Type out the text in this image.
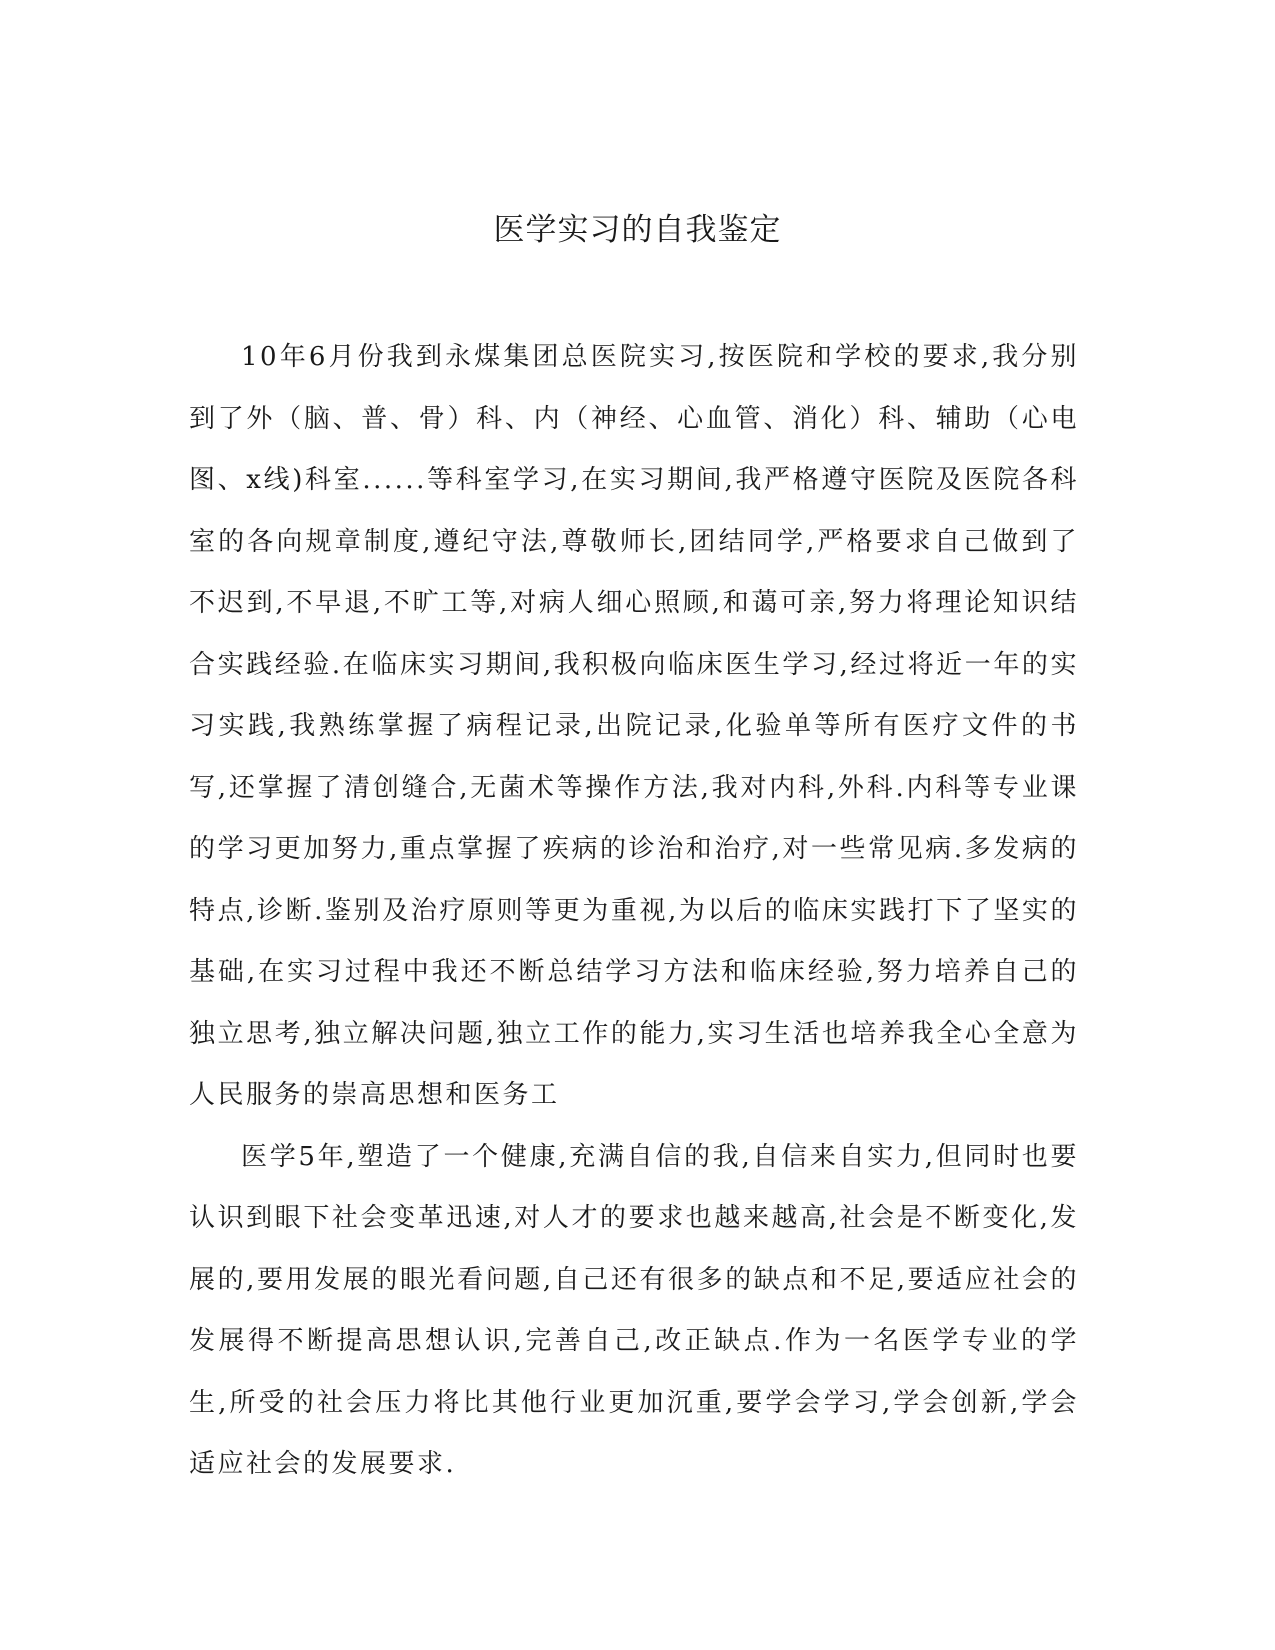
医学实习的自我鉴定

10年6月份我到永煤集团总医院实习,按医院和学校的要求,我分别到了外（脑、普、骨）科、内（神经、心血管、消化）科、辅助（心电图、x线)科室......等科室学习,在实习期间,我严格遵守医院及医院各科室的各向规章制度,遵纪守法,尊敬师长,团结同学,严格要求自己做到了不迟到,不早退,不旷工等,对病人细心照顾,和蔼可亲,努力将理论知识结合实践经验.在临床实习期间,我积极向临床医生学习,经过将近一年的实习实践,我熟练掌握了病程记录,出院记录,化验单等所有医疗文件的书写,还掌握了清创缝合,无菌术等操作方法,我对内科,外科.内科等专业课的学习更加努力,重点掌握了疾病的诊治和治疗,对一些常见病.多发病的特点,诊断.鉴别及治疗原则等更为重视,为以后的临床实践打下了坚实的基础,在实习过程中我还不断总结学习方法和临床经验,努力培养自己的独立思考,独立解决问题,独立工作的能力,实习生活也培养我全心全意为人民服务的崇高思想和医务工

医学5年,塑造了一个健康,充满自信的我,自信来自实力,但同时也要认识到眼下社会变革迅速,对人才的要求也越来越高,社会是不断变化,发展的,要用发展的眼光看问题,自己还有很多的缺点和不足,要适应社会的发展得不断提高思想认识,完善自己,改正缺点.作为一名医学专业的学生,所受的社会压力将比其他行业更加沉重,要学会学习,学会创新,学会适应社会的发展要求.
